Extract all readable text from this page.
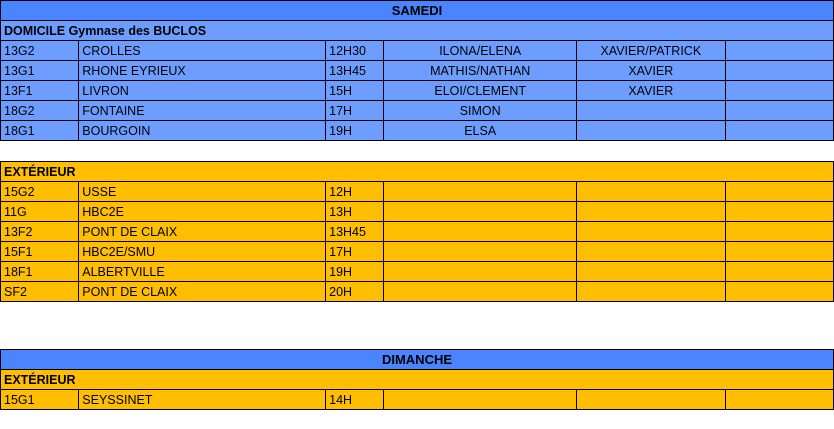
SAMEDI					
DOMICILE Gymnase des BUCLOS					
13G2	CROLLES	12H30	ILONA/ELENA	XAVIER/PATRICK	
13G1	RHONE EYRIEUX	13H45	MATHIS/NATHAN	XAVIER	
13F1	LIVRON	15H	ELOI/CLEMENT	XAVIER	
18G2	FONTAINE	17H	SIMON		
18G1	BOURGOIN	19H	ELSA		
EXTÉRIEUR					
15G2	USSE	12H			
11G	HBC2E	13H			
13F2	PONT DE CLAIX	13H45			
15F1	HBC2E/SMU	17H			
18F1	ALBERTVILLE	19H			
SF2	PONT DE CLAIX	20H			
DIMANCHE
EXTÉRIEUR
15G1	SEYSSINET	14H			
